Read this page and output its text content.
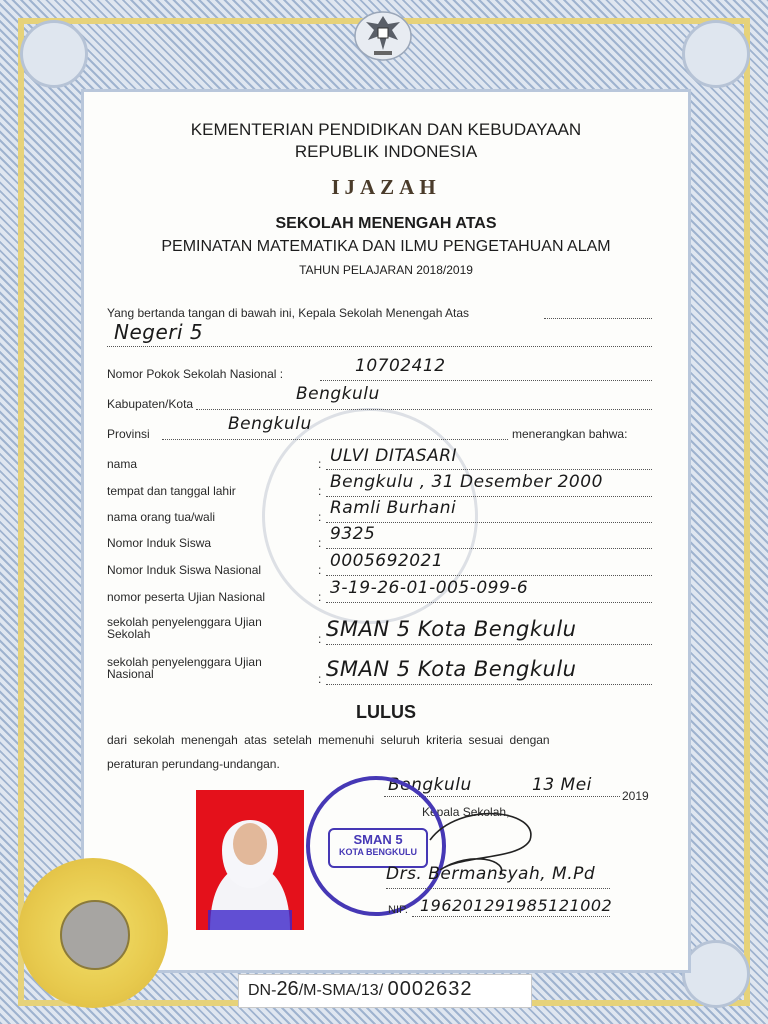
KEMENTERIAN PENDIDIKAN DAN KEBUDAYAAN
REPUBLIK INDONESIA
IJAZAH
SEKOLAH MENENGAH ATAS
PEMINATAN MATEMATIKA DAN ILMU PENGETAHUAN ALAM
TAHUN PELAJARAN 2018/2019
Yang bertanda tangan di bawah ini, Kepala Sekolah Menengah Atas
Negeri 5
Nomor Pokok Sekolah Nasional :	10702412
Kabupaten/Kota	Bengkulu
Provinsi	Bengkulu	menerangkan bahwa:
nama	: ULVI DITASARI
tempat dan tanggal lahir	: Bengkulu , 31 Desember 2000
nama orang tua/wali	: Ramli Burhani
Nomor Induk Siswa	: 9325
Nomor Induk Siswa Nasional	: 0005692021
nomor peserta Ujian Nasional	: 3-19-26-01-005-099-6
sekolah penyelenggara Ujian
Sekolah	: SMAN 5 Kota Bengkulu
sekolah penyelenggara Ujian
Nasional	: SMAN 5 Kota Bengkulu
LULUS
dari sekolah menengah atas setelah memenuhi seluruh kriteria sesuai dengan
peraturan perundang-undangan.
Bengkulu	13 Mei
2019
Kepala Sekolah,
SMAN 5
KOTA BENGKULU
Drs. Bermansyah, M.Pd
NIP. 196201291985121002
DN-26/M-SMA/13/ 0002632
